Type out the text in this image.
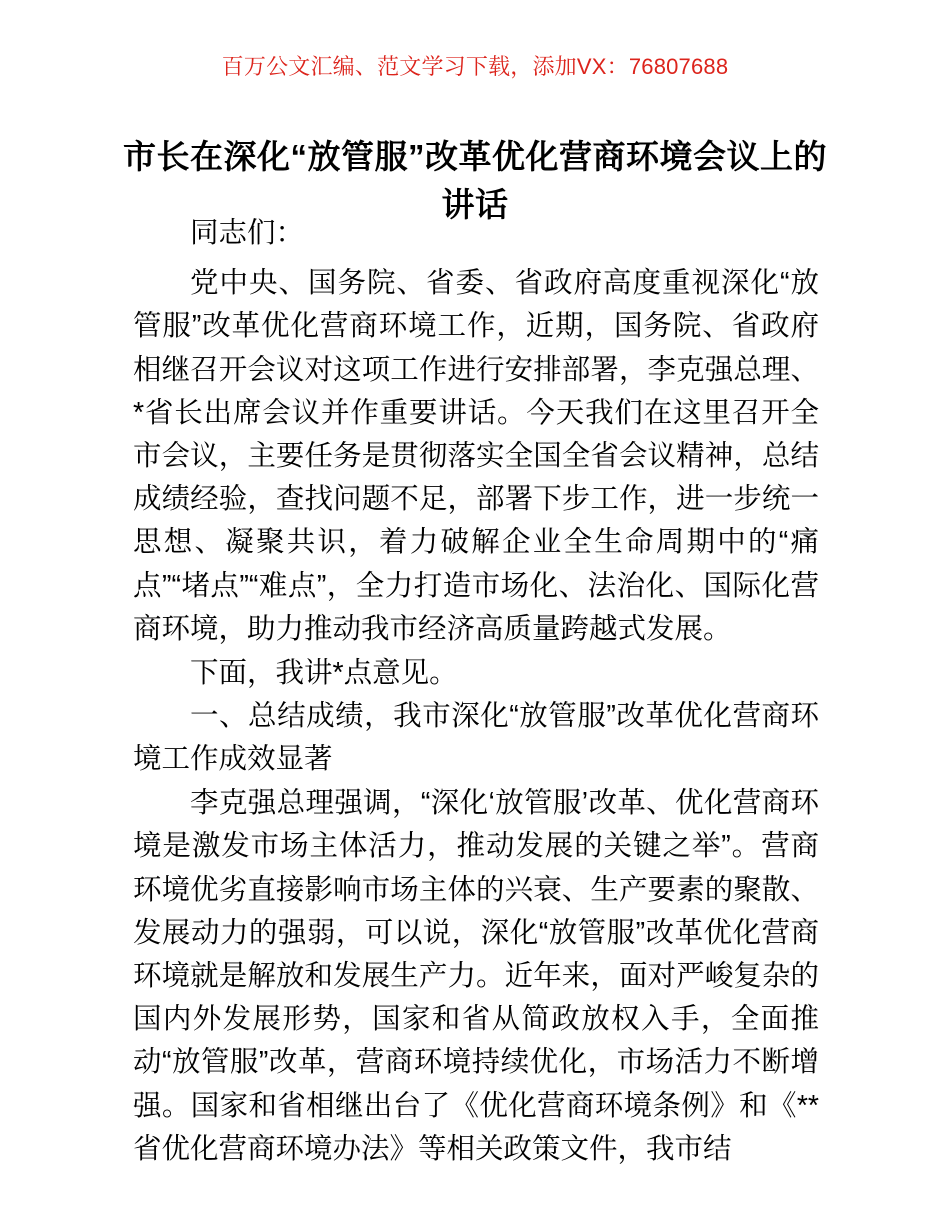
百万公文汇编、范文学习下载，添加VX：76807688
市长在深化“放管服”改革优化营商环境会议上的讲话

同志们：

党中央、国务院、省委、省政府高度重视深化“放管服”改革优化营商环境工作，近期，国务院、省政府相继召开会议对这项工作进行安排部署，李克强总理、*省长出席会议并作重要讲话。今天我们在这里召开全市会议，主要任务是贯彻落实全国全省会议精神，总结成绩经验，查找问题不足，部署下步工作，进一步统一思想、凝聚共识，着力破解企业全生命周期中的“痛点”“堵点”“难点”，全力打造市场化、法治化、国际化营商环境，助力推动我市经济高质量跨越式发展。

下面，我讲*点意见。

一、总结成绩，我市深化“放管服”改革优化营商环境工作成效显著

李克强总理强调，“深化‘放管服’改革、优化营商环境是激发市场主体活力，推动发展的关键之举”。营商环境优劣直接影响市场主体的兴衰、生产要素的聚散、发展动力的强弱，可以说，深化“放管服”改革优化营商环境就是解放和发展生产力。近年来，面对严峻复杂的国内外发展形势，国家和省从简政放权入手，全面推动“放管服”改革，营商环境持续优化，市场活力不断增强。国家和省相继出台了《优化营商环境条例》和《**省优化营商环境办法》等相关政策文件，我市结
